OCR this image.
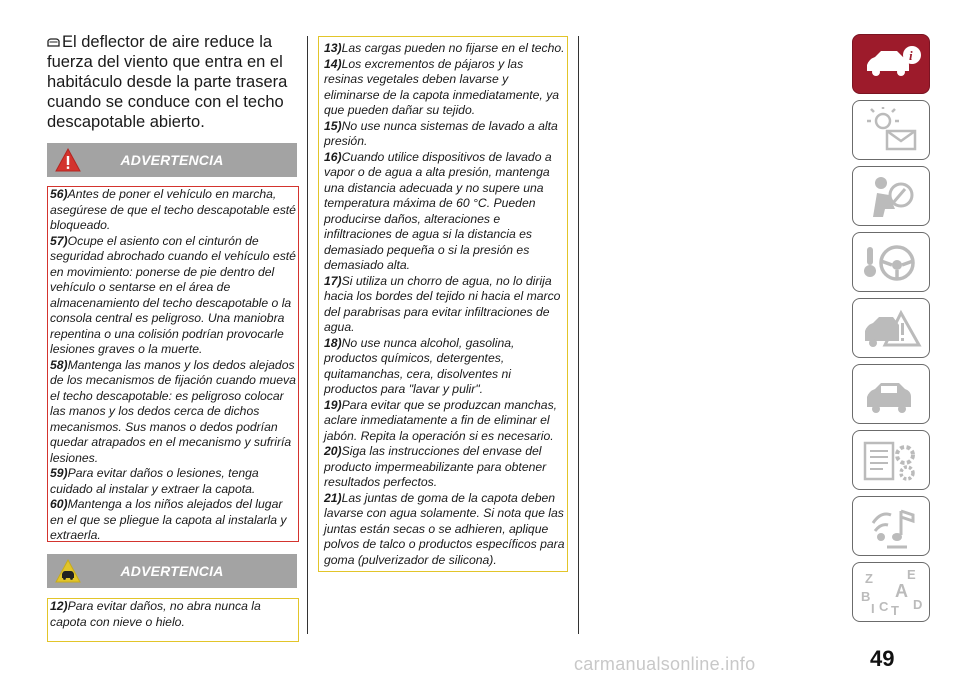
El deflector de aire reduce la fuerza del viento que entra en el habitáculo desde la parte trasera cuando se conduce con el techo descapotable abierto.
ADVERTENCIA
56)Antes de poner el vehículo en marcha, asegúrese de que el techo descapotable esté bloqueado.
57)Ocupe el asiento con el cinturón de seguridad abrochado cuando el vehículo esté en movimiento: ponerse de pie dentro del vehículo o sentarse en el área de almacenamiento del techo descapotable o la consola central es peligroso. Una maniobra repentina o una colisión podrían provocarle lesiones graves o la muerte.
58)Mantenga las manos y los dedos alejados de los mecanismos de fijación cuando mueva el techo descapotable: es peligroso colocar las manos y los dedos cerca de dichos mecanismos. Sus manos o dedos podrían quedar atrapados en el mecanismo y sufriría lesiones.
59)Para evitar daños o lesiones, tenga cuidado al instalar y extraer la capota.
60)Mantenga a los niños alejados del lugar en el que se pliegue la capota al instalarla y extraerla.
ADVERTENCIA
12)Para evitar daños, no abra nunca la capota con nieve o hielo.
13)Las cargas pueden no fijarse en el techo.
14)Los excrementos de pájaros y las resinas vegetales deben lavarse y eliminarse de la capota inmediatamente, ya que pueden dañar su tejido.
15)No use nunca sistemas de lavado a alta presión.
16)Cuando utilice dispositivos de lavado a vapor o de agua a alta presión, mantenga una distancia adecuada y no supere una temperatura máxima de 60 °C. Pueden producirse daños, alteraciones e infiltraciones de agua si la distancia es demasiado pequeña o si la presión es demasiado alta.
17)Si utiliza un chorro de agua, no lo dirija hacia los bordes del tejido ni hacia el marco del parabrisas para evitar infiltraciones de agua.
18)No use nunca alcohol, gasolina, productos químicos, detergentes, quitamanchas, cera, disolventes ni productos para "lavar y pulir".
19)Para evitar que se produzcan manchas, aclare inmediatamente a fin de eliminar el jabón. Repita la operación si es necesario.
20)Siga las instrucciones del envase del producto impermeabilizante para obtener resultados perfectos.
21)Las juntas de goma de la capota deben lavarse con agua solamente. Si nota que las juntas están secas o se adhieren, aplique polvos de talco o productos específicos para goma (pulverizador de silicona).
i
Z	E
A
B
C T D
I
49
carmanualsonline.info
